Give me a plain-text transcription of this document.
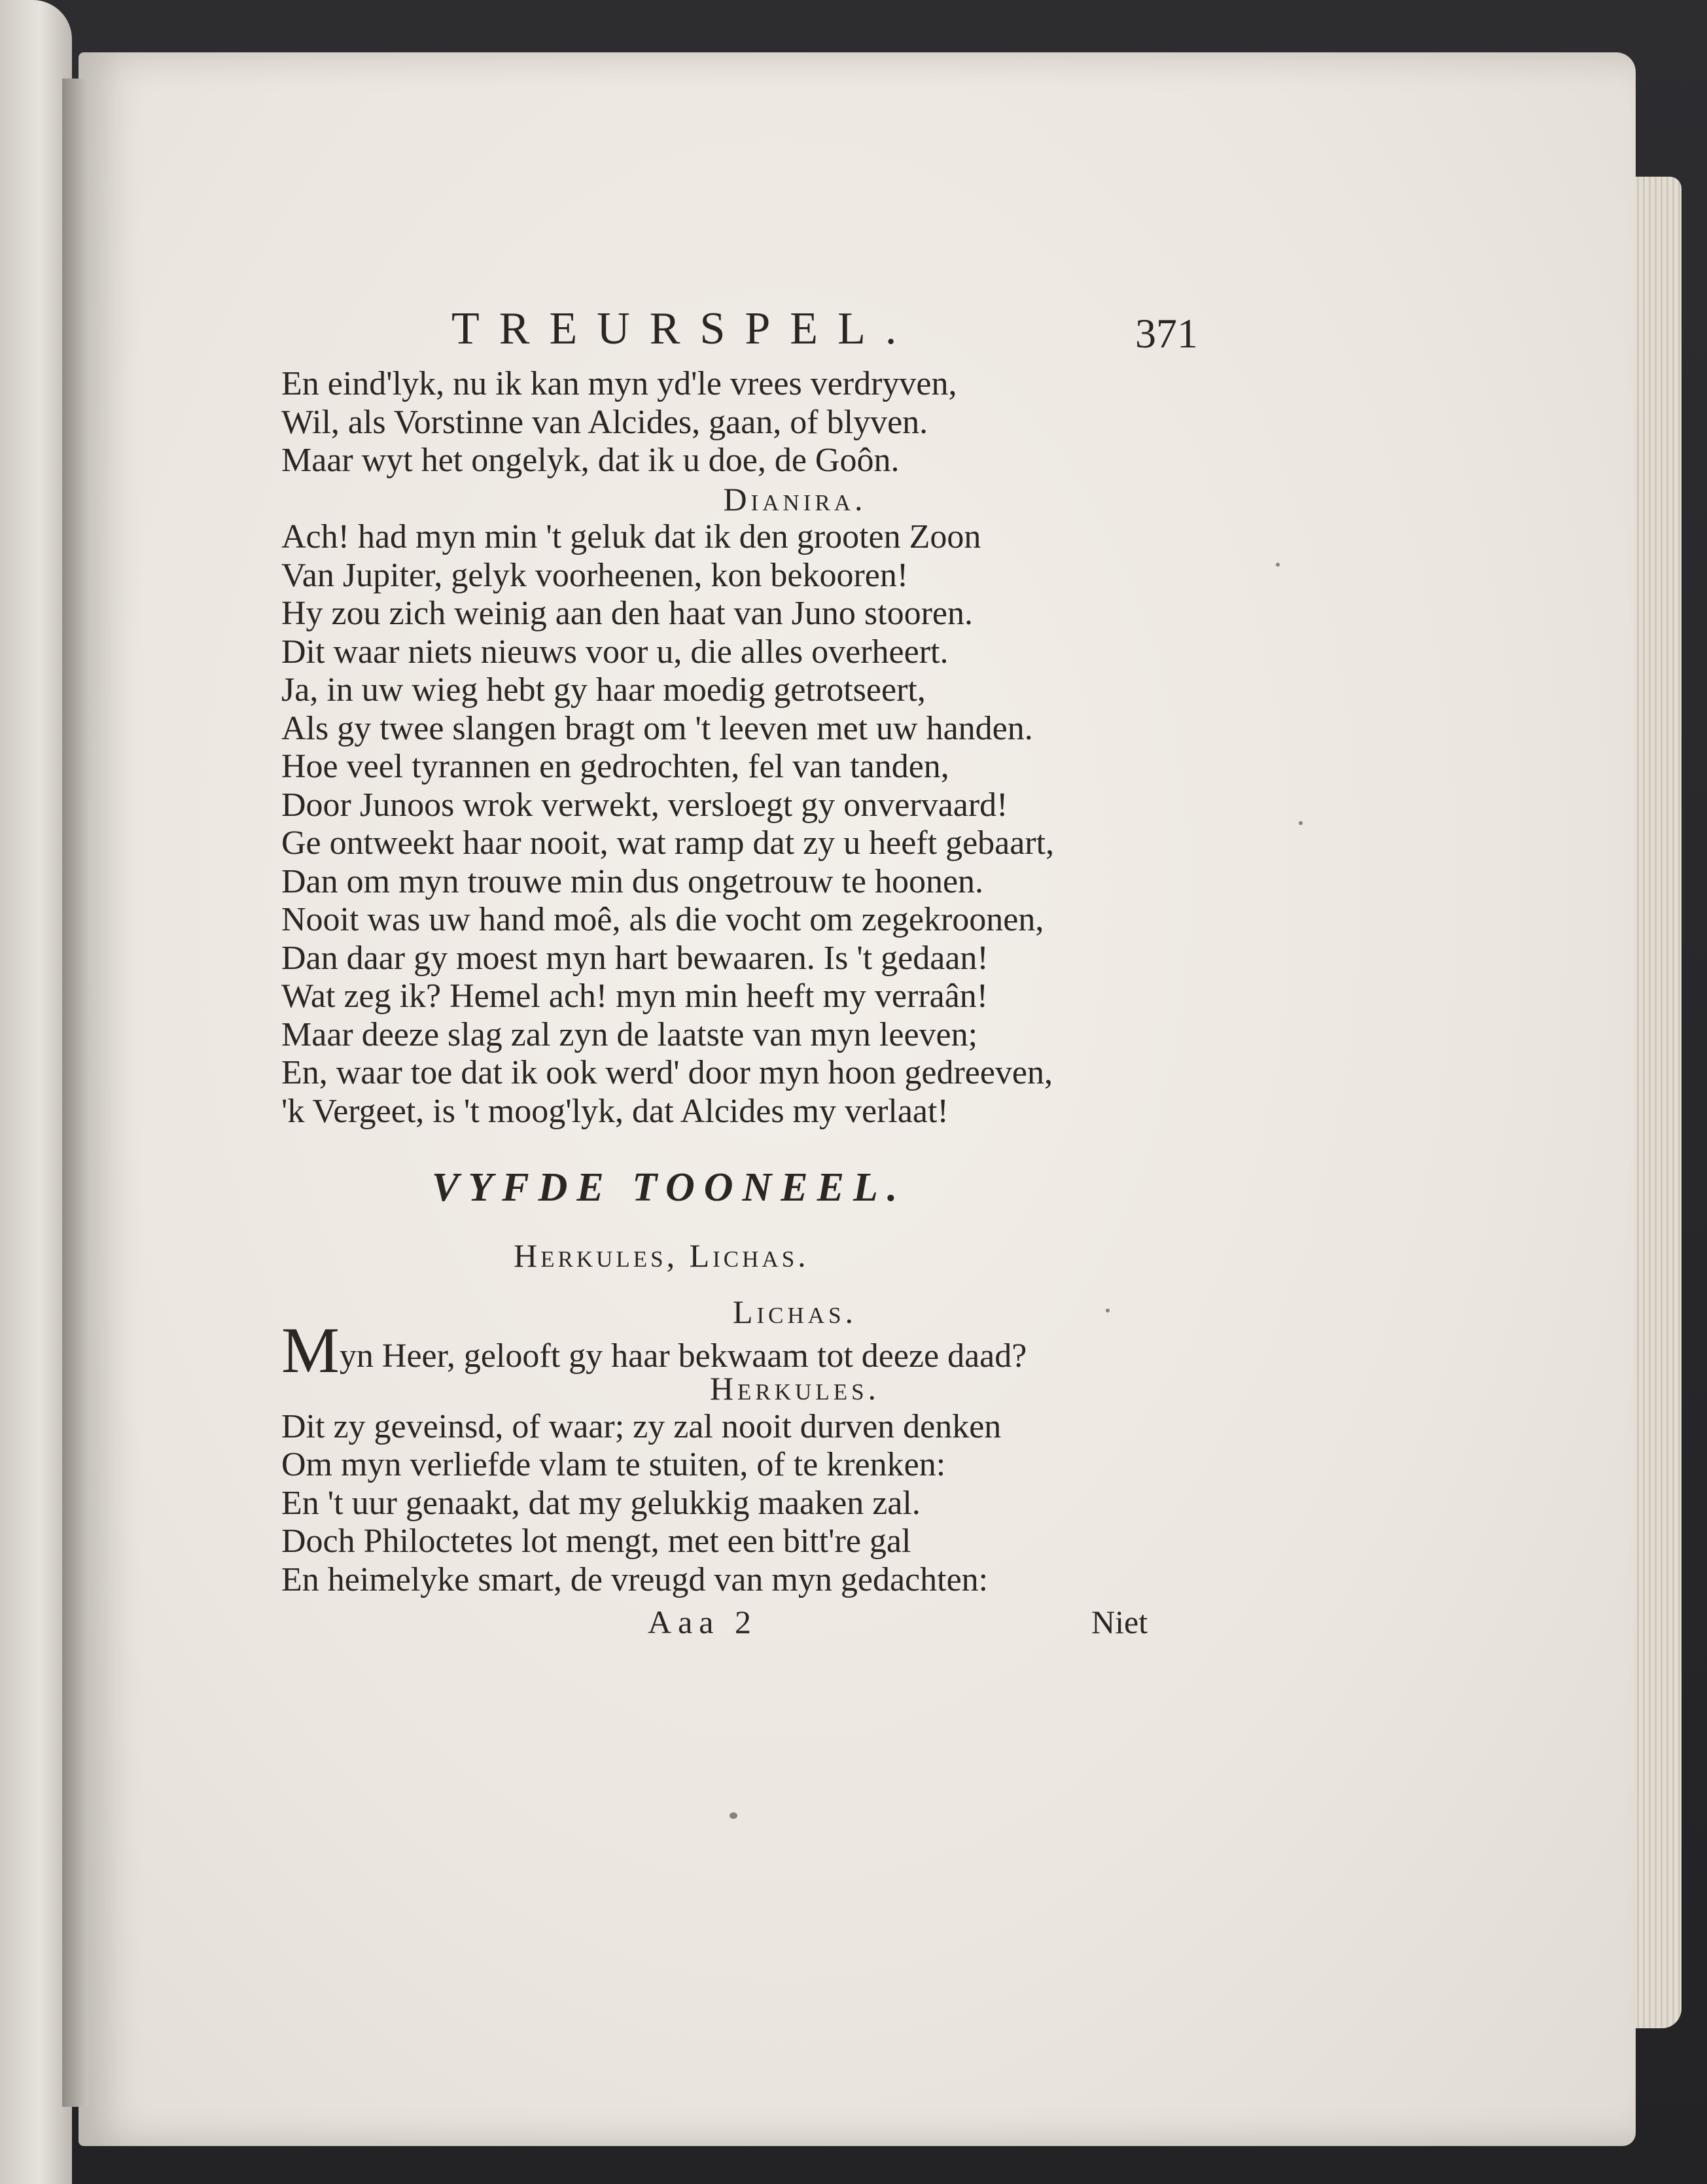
TREURSPEL.	371
En eind'lyk, nu ik kan myn yd'le vrees verdryven,
Wil, als Vorstinne van Alcides, gaan, of blyven.
Maar wyt het ongelyk, dat ik u doe, de Goôn.
Dianira.
Ach! had myn min 't geluk dat ik den grooten Zoon
Van Jupiter, gelyk voorheenen, kon bekooren!
Hy zou zich weinig aan den haat van Juno stooren.
Dit waar niets nieuws voor u, die alles overheert.
Ja, in uw wieg hebt gy haar moedig getrotseert,
Als gy twee slangen bragt om 't leeven met uw handen.
Hoe veel tyrannen en gedrochten, fel van tanden,
Door Junoos wrok verwekt, versloegt gy onvervaard!
Ge ontweekt haar nooit, wat ramp dat zy u heeft gebaart,
Dan om myn trouwe min dus ongetrouw te hoonen.
Nooit was uw hand moê, als die vocht om zegekroonen,
Dan daar gy moest myn hart bewaaren. Is 't gedaan!
Wat zeg ik? Hemel ach! myn min heeft my verraân!
Maar deeze slag zal zyn de laatste van myn leeven;
En, waar toe dat ik ook werd' door myn hoon gedreeven,
'k Vergeet, is 't moog'lyk, dat Alcides my verlaat!
VYFDE TOONEEL.
Herkules, Lichas.
Lichas.
Myn Heer, gelooft gy haar bekwaam tot deeze daad?
Herkules.
Dit zy geveinsd, of waar; zy zal nooit durven denken
Om myn verliefde vlam te stuiten, of te krenken:
En 't uur genaakt, dat my gelukkig maaken zal.
Doch Philoctetes lot mengt, met een bitt're gal
En heimelyke smart, de vreugd van myn gedachten:
Aaa 2	Niet
